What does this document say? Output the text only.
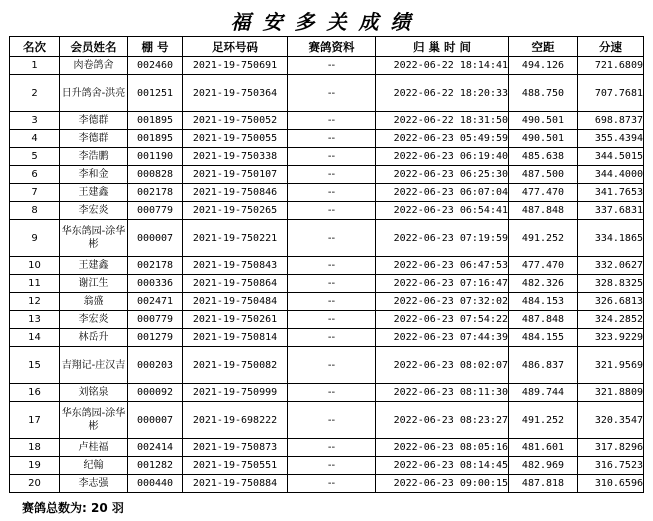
福安多关成绩
名次	会员姓名	棚 号	足环号码	赛鸽资料	归 巢 时 间	空距	分速
1	肉卷鸽舍	002460	2021-19-750691	--	2022-06-22 18:14:41	494.126	721.6809
2	日升鸽舍-洪亮	001251	2021-19-750364	--	2022-06-22 18:20:33	488.750	707.7681
3	李德群	001895	2021-19-750052	--	2022-06-22 18:31:50	490.501	698.8737
4	李德群	001895	2021-19-750055	--	2022-06-23 05:49:59	490.501	355.4394
5	李浩鹏	001190	2021-19-750338	--	2022-06-23 06:19:40	485.638	344.5015
6	李和金	000828	2021-19-750107	--	2022-06-23 06:25:30	487.500	344.4000
7	王建鑫	002178	2021-19-750846	--	2022-06-23 06:07:04	477.470	341.7653
8	李宏炎	000779	2021-19-750265	--	2022-06-23 06:54:41	487.848	337.6831
9	华东鸽园-涂华彬	000007	2021-19-750221	--	2022-06-23 07:19:59	491.252	334.1865
10	王建鑫	002178	2021-19-750843	--	2022-06-23 06:47:53	477.470	332.0627
11	谢江生	000336	2021-19-750864	--	2022-06-23 07:16:47	482.326	328.8325
12	翁盛	002471	2021-19-750484	--	2022-06-23 07:32:02	484.153	326.6813
13	李宏炎	000779	2021-19-750261	--	2022-06-23 07:54:22	487.848	324.2852
14	林岳升	001279	2021-19-750814	--	2022-06-23 07:44:39	484.155	323.9229
15	吉翔记-庄汉吉	000203	2021-19-750082	--	2022-06-23 08:02:07	486.837	321.9569
16	刘铭泉	000092	2021-19-750999	--	2022-06-23 08:11:30	489.744	321.8809
17	华东鸽园-涂华彬	000007	2021-19-698222	--	2022-06-23 08:23:27	491.252	320.3547
18	卢桂福	002414	2021-19-750873	--	2022-06-23 08:05:16	481.601	317.8296
19	纪翰	001282	2021-19-750551	--	2022-06-23 08:14:45	482.969	316.7523
20	李志强	000440	2021-19-750884	--	2022-06-23 09:00:15	487.818	310.6596
赛鸽总数为: 20 羽
